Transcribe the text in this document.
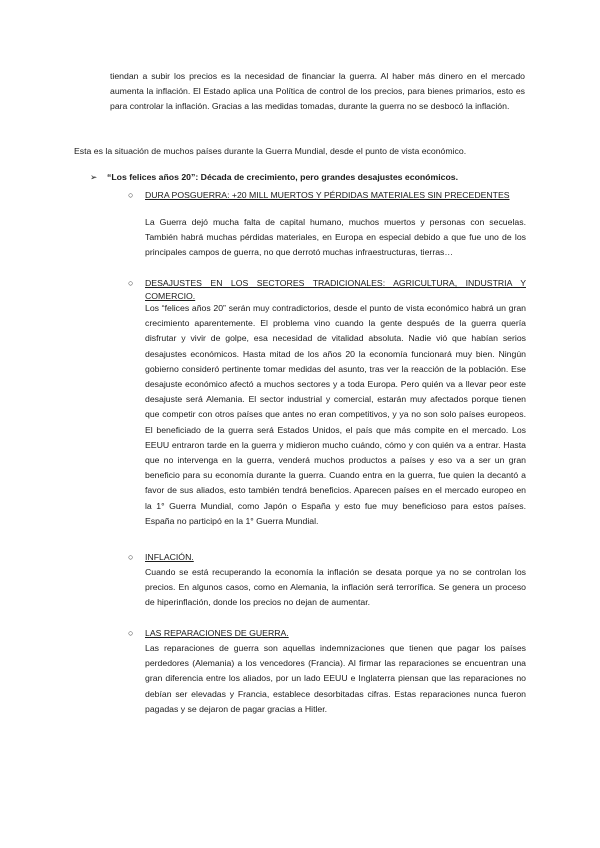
tiendan a subir los precios es la necesidad de financiar la guerra. Al haber más dinero en el mercado aumenta la inflación. El Estado aplica una Política de control de los precios, para bienes primarios, esto es para controlar la inflación. Gracias a las medidas tomadas, durante la guerra no se desbocó la inflación.

Esta es la situación de muchos países durante la Guerra Mundial, desde el punto de vista económico.

➢ “Los felices años 20”: Década de crecimiento, pero grandes desajustes económicos.
○ DURA POSGUERRA: +20 MILL MUERTOS Y PÉRDIDAS MATERIALES SIN PRECEDENTES

La Guerra dejó mucha falta de capital humano, muchos muertos y personas con secuelas. También habrá muchas pérdidas materiales, en Europa en especial debido a que fue uno de los principales campos de guerra, no que derrotó muchas infraestructuras, tierras…

○ DESAJUSTES EN LOS SECTORES TRADICIONALES: AGRICULTURA, INDUSTRIA Y COMERCIO.

Los “felices años 20” serán muy contradictorios, desde el punto de vista económico habrá un gran crecimiento aparentemente. El problema vino cuando la gente después de la guerra quería disfrutar y vivir de golpe, esa necesidad de vitalidad absoluta. Nadie vió que habían serios desajustes económicos. Hasta mitad de los años 20 la economía funcionará muy bien. Ningún gobierno consideró pertinente tomar medidas del asunto, tras ver la reacción de la población. Ese desajuste económico afectó a muchos sectores y a toda Europa. Pero quién va a llevar peor este desajuste será Alemania. El sector industrial y comercial, estarán muy afectados porque tienen que competir con otros países que antes no eran competitivos, y ya no son solo países europeos. El beneficiado de la guerra será Estados Unidos, el país que más compite en el mercado. Los EEUU entraron tarde en la guerra y midieron mucho cuándo, cómo y con quién va a entrar. Hasta que no intervenga en la guerra, venderá muchos productos a países y eso va a ser un gran beneficio para su economía durante la guerra. Cuando entra en la guerra, fue quien la decantó a favor de sus aliados, esto también tendrá beneficios. Aparecen países en el mercado europeo en la 1° Guerra Mundial, como Japón o España y esto fue muy beneficioso para estos países. España no participó en la 1° Guerra Mundial.

○ INFLACIÓN.

Cuando se está recuperando la economía la inflación se desata porque ya no se controlan los precios. En algunos casos, como en Alemania, la inflación será terrorífica. Se genera un proceso de hiperinflación, donde los precios no dejan de aumentar.

○ LAS REPARACIONES DE GUERRA.

Las reparaciones de guerra son aquellas indemnizaciones que tienen que pagar los países perdedores (Alemania) a los vencedores (Francia). Al firmar las reparaciones se encuentran una gran diferencia entre los aliados, por un lado EEUU e Inglaterra piensan que las reparaciones no debían ser elevadas y Francia, establece desorbitadas cifras. Estas reparaciones nunca fueron pagadas y se dejaron de pagar gracias a Hitler.
